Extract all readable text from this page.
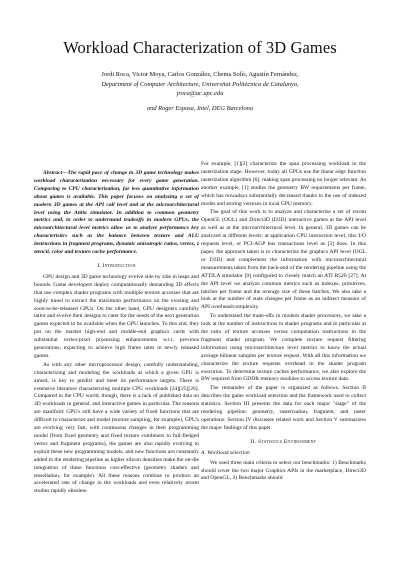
Workload Characterization of 3D Games
Jordi Roca, Victor Moya, Carlos González, Chema Solís, Agustín Fernández,
Department of Computer Architecture, Universitat Politècnica de Catalunya,
jroca@ac.upc.edu
and Roger Espasa, Intel, DEG Barcelona

Abstract—The rapid pace of change in 3D game technology makes workload characterization necessary for every game generation. Comparing to CPU characterization, far less quantitative information about games is available. This paper focuses on analyzing a set of modern 3D games at the API call level and at the microarchitectural level using the Attila simulator. In addition to common geometry metrics and, in order to understand tradeoffs in modern GPUs, the microarchitectural level metrics allow us to analyze performance key characteristics such as the balance between texture and ALU instructions in fragment programs, dynamic anisotropic ratios, vertex, z stencil, color and texture cache performance.

I. Introduction

GPU design and 3D game technology evolve side by side in leaps and bounds. Game developers deploy computationally demanding 3D effects that use complex shader programs with multiple texture accesses that are highly tuned to extract the maximum performance on the existing and soon-to-be-released GPUs. On the other hand, GPU designers carefully tailor and evolve their designs to cater for the needs of the next generation games expected to be available when the GPU launches. To this end, they put on the market high-end and middle-end graphics cards with substantial vertex/pixel processing enhancements w.r.t. previous generations, expecting to achieve high frame rates in newly released games.

As with any other microprocessor design, carefully understanding, characterizing and modeling the workloads at which a given GPU is aimed, is key to predict and meet its performance targets. There is extensive literature characterizing multiple CPU workloads [24][25][26]. Compared to the CPU world, though, there is a lack of published data on 3D workloads in general, and interactive games in particular. The reasons are manifold: GPU's still have a wide variety of fixed functions that are difficult to characterize and model (texture sampling, for example), GPU's are evolving very fast, with continuous changes in their programming model (from fixed geometry and fixed texture combiners to full-fledged vertex and fragment programs), the games are also rapidly evolving to exploit these new programming models, and new functions are constantly added to the rendering pipeline as higher silicon densities make the on-die integration of these functions cost-effective (geometry shaders and tessellation, for example). All these reasons combine to produce an accelerated rate of change in the workloads and even relatively recent studies rapidly obsolete.

For example, [1][2] characterize the span processing workload in the rasterization stage. However, today all GPUs use the linear edge function rasterization algorithm [6], making span processing no longer relevant. As another example, [1] studies the geometry BW requirements per frame, which has nowadays substantially decreased thanks to the use of indexed modes and storing vertexes in local GPU memory.

The goal of this work is to analyze and characterize a set of recent OpenGL (OGL) and Direct3D (D3D) interactive games at the API level as well as at the microarchitectural level. In general, 3D games can be analyzed at different levels: at application CPU instruction level, disc I/O requests level, or PCI-AGP bus transactions level as [3] does. In this paper, the approach taken is to characterize the graphics API level (OGL or D3D) and complement the information with microarchitectural measurements taken from the back-end of the rendering pipeline using the ATTILA simulator [9] configured to closely match an ATI R520 [27]. At the API level we analyze common metrics such as indexes, primitives, batches per frame and the average size of these batches. We also take a look at the number of state changes per frame as an indirect measure of API overhead/complexity.

To understand the trade-offs in modern shader processors, we take a look at the number of instructions in shader programs and in particular at the ratio of texture accesses versus computation instructions in the fragment shader program. We complete texture request filtering information using microarchitecture level metrics to know the actual average bilinear samples per texture request. With all this information we characterize the texture requests overhead in the shader program execution. To determine texture caches performance, we also explore the BW required from GDDR memory modules to access texture data.

The remainder of the paper is organized as follows. Section II describes the game workload selection and the framework used to collect statistics. Section III presents the data for each major "stage" of the rendering pipeline: geometry, rasterization, fragment, and raster operations. Section IV discusses related work and Section V summarizes the major findings of this paper.

II. Statistics Environment
A. Workload selection

We used three main criteria to select our benchmarks: 1) Benchmarks should cover the two major Graphics APIs in the marketplace, Direct3D and OpenGL, 2) Benchmarks should
